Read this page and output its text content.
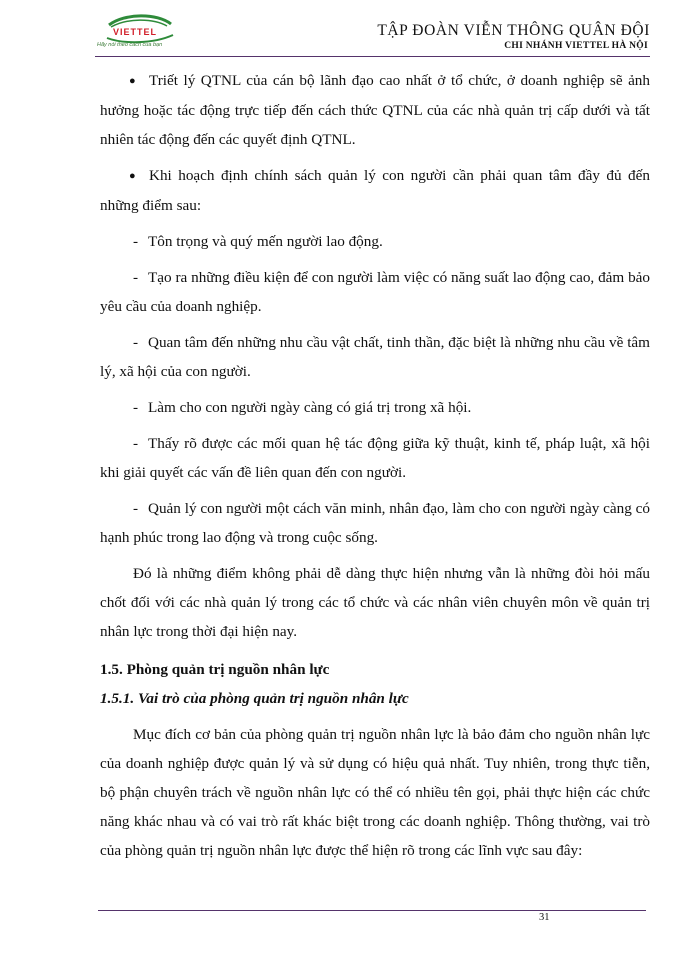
VIETTEL
Hãy nói theo cách của bạn
TẬP ĐOÀN VIỄN THÔNG QUÂN ĐỘI
CHI NHÁNH VIETTEL HÀ NỘI

● Triết lý QTNL của cán bộ lãnh đạo cao nhất ở tổ chức, ở doanh nghiệp sẽ ảnh hưởng hoặc tác động trực tiếp đến cách thức QTNL của các nhà quản trị cấp dưới và tất nhiên tác động đến các quyết định QTNL.

● Khi hoạch định chính sách quản lý con người cần phải quan tâm đầy đủ đến những điểm sau:

- Tôn trọng và quý mến người lao động.

- Tạo ra những điều kiện để con người làm việc có năng suất lao động cao, đảm bảo yêu cầu của doanh nghiệp.

- Quan tâm đến những nhu cầu vật chất, tinh thần, đặc biệt là những nhu cầu về tâm lý, xã hội của con người.

- Làm cho con người ngày càng có giá trị trong xã hội.

- Thấy rõ được các mối quan hệ tác động giữa kỹ thuật, kinh tế, pháp luật, xã hội khi giải quyết các vấn đề liên quan đến con người.

- Quản lý con người một cách văn minh, nhân đạo, làm cho con người ngày càng có hạnh phúc trong lao động và trong cuộc sống.

Đó là những điểm không phải dễ dàng thực hiện nhưng vẫn là những đòi hỏi mấu chốt đối với các nhà quản lý trong các tổ chức và các nhân viên chuyên môn về quản trị nhân lực trong thời đại hiện nay.

1.5. Phòng quản trị nguồn nhân lực

1.5.1. Vai trò của phòng quản trị nguồn nhân lực

Mục đích cơ bản của phòng quản trị nguồn nhân lực là bảo đảm cho nguồn nhân lực của doanh nghiệp được quản lý và sử dụng có hiệu quả nhất. Tuy nhiên, trong thực tiễn, bộ phận chuyên trách về nguồn nhân lực có thể có nhiều tên gọi, phải thực hiện các chức năng khác nhau và có vai trò rất khác biệt trong các doanh nghiệp. Thông thường, vai trò của phòng quản trị nguồn nhân lực được thể hiện rõ trong các lĩnh vực sau đây:

31
